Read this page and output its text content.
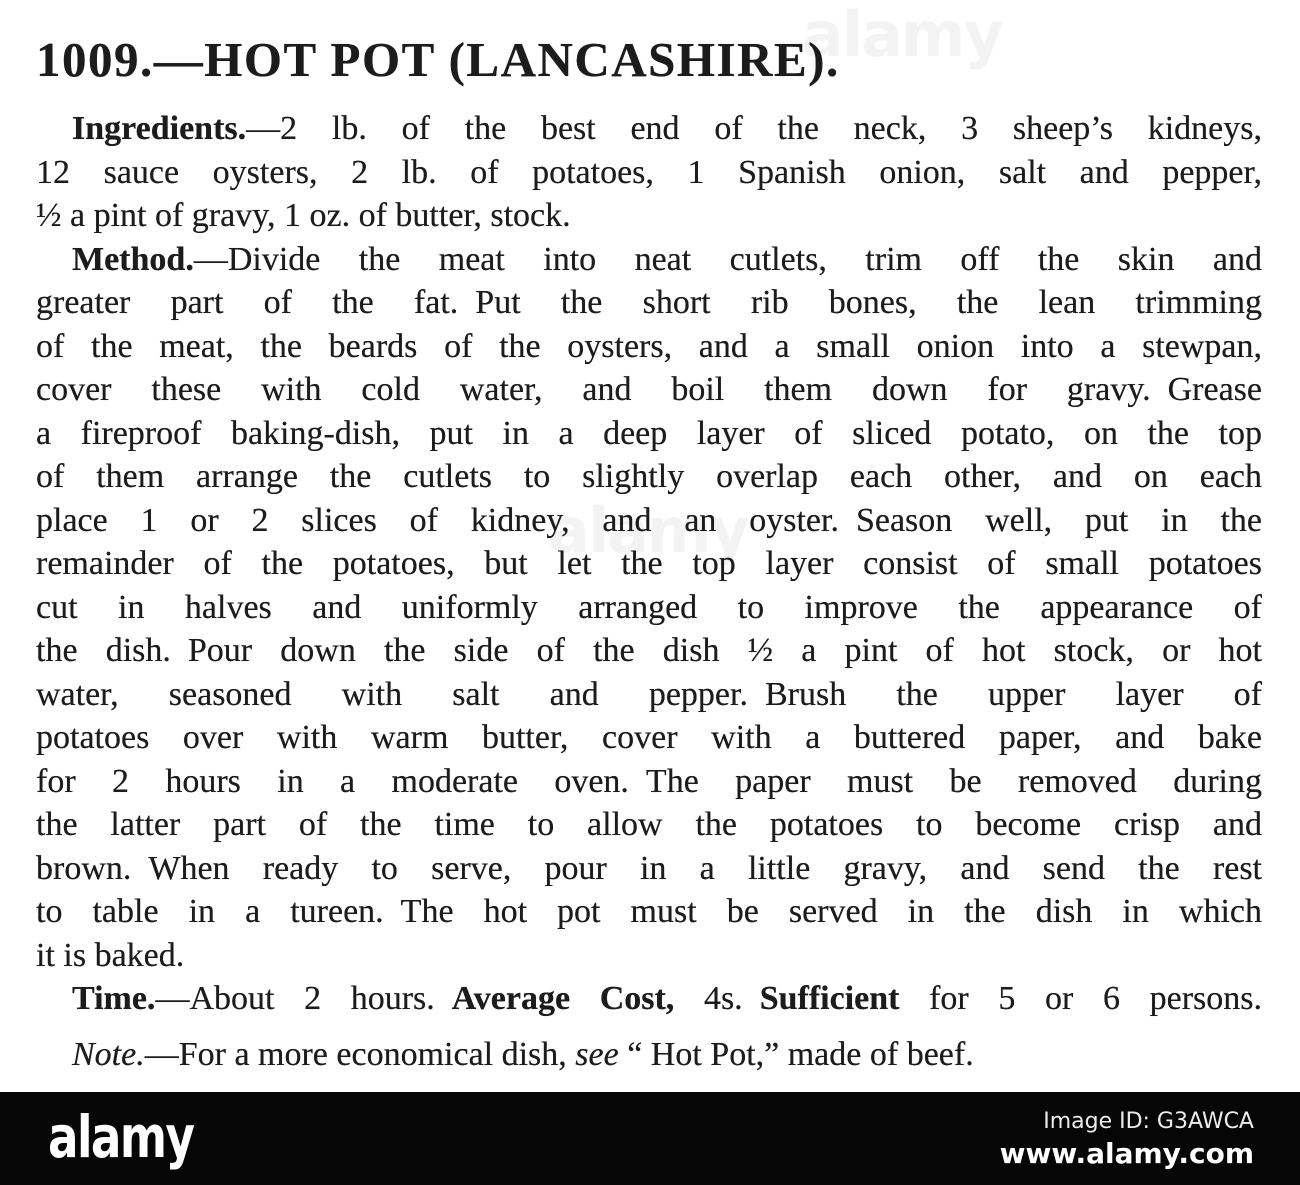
1009.—HOT POT (LANCASHIRE).
Ingredients.—2 lb. of the best end of the neck, 3 sheep’s kidneys,
12 sauce oysters, 2 lb. of potatoes, 1 Spanish onion, salt and pepper,
½ a pint of gravy, 1 oz. of butter, stock.
Method.—Divide the meat into neat cutlets, trim off the skin and
greater part of the fat. Put the short rib bones, the lean trimming
of the meat, the beards of the oysters, and a small onion into a stewpan,
cover these with cold water, and boil them down for gravy. Grease
a fireproof baking-dish, put in a deep layer of sliced potato, on the top
of them arrange the cutlets to slightly overlap each other, and on each
place 1 or 2 slices of kidney, and an oyster. Season well, put in the
remainder of the potatoes, but let the top layer consist of small potatoes
cut in halves and uniformly arranged to improve the appearance of
the dish. Pour down the side of the dish ½ a pint of hot stock, or hot
water, seasoned with salt and pepper. Brush the upper layer of
potatoes over with warm butter, cover with a buttered paper, and bake
for 2 hours in a moderate oven. The paper must be removed during
the latter part of the time to allow the potatoes to become crisp and
brown. When ready to serve, pour in a little gravy, and send the rest
to table in a tureen. The hot pot must be served in the dish in which
it is baked.
Time.—About 2 hours. Average Cost, 4s. Sufficient for 5 or 6 persons.
Note.—For a more economical dish, see “ Hot Pot,” made of beef.
alamy	Image ID: G3AWCA
www.alamy.com
